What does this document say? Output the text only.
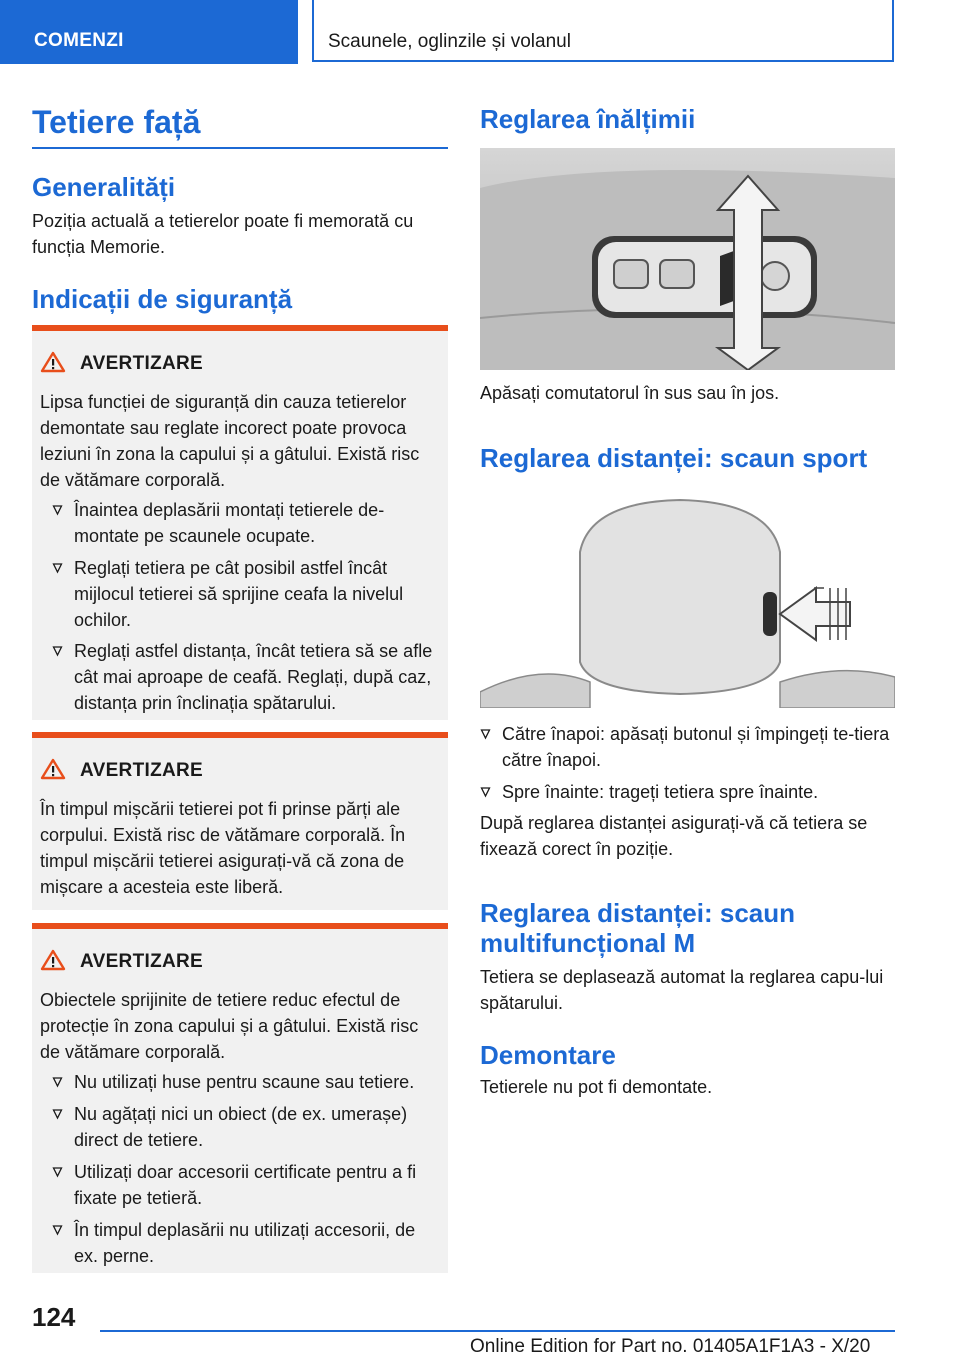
COMENZI	Scaunele, oglinzile și volanul
Tetiere față
Generalități
Poziția actuală a tetierelor poate fi memorată cu funcția Memorie.
Indicații de siguranță
AVERTIZARE
Lipsa funcției de siguranță din cauza tetierelor demontate sau reglate incorect poate provoca leziuni în zona la capului și a gâtului. Există risc de vătămare corporală.
Înaintea deplasării montați tetierele de-montate pe scaunele ocupate.
Reglați tetiera pe cât posibil astfel încât mijlocul tetierei să sprijine ceafa la nivelul ochilor.
Reglați astfel distanța, încât tetiera să se afle cât mai aproape de ceafă. Reglați, după caz, distanța prin înclinația spătarului.
AVERTIZARE
În timpul mișcării tetierei pot fi prinse părți ale corpului. Există risc de vătămare corporală. În timpul mișcării tetierei asigurați-vă că zona de mișcare a acesteia este liberă.
AVERTIZARE
Obiectele sprijinite de tetiere reduc efectul de protecție în zona capului și a gâtului. Există risc de vătămare corporală.
Nu utilizați huse pentru scaune sau tetiere.
Nu agățați nici un obiect (de ex. umerașe) direct de tetiere.
Utilizați doar accesorii certificate pentru a fi fixate pe tetieră.
În timpul deplasării nu utilizați accesorii, de ex. perne.
Reglarea înălțimii
Apăsați comutatorul în sus sau în jos.
Reglarea distanței: scaun sport
Către înapoi: apăsați butonul și împingeți te-tiera către înapoi.
Spre înainte: trageți tetiera spre înainte.
După reglarea distanței asigurați-vă că tetiera se fixează corect în poziție.
Reglarea distanței: scaun multifuncțional M
Tetiera se deplasează automat la reglarea capu-lui spătarului.
Demontare
Tetierele nu pot fi demontate.
124
Online Edition for Part no. 01405A1F1A3 - X/20
